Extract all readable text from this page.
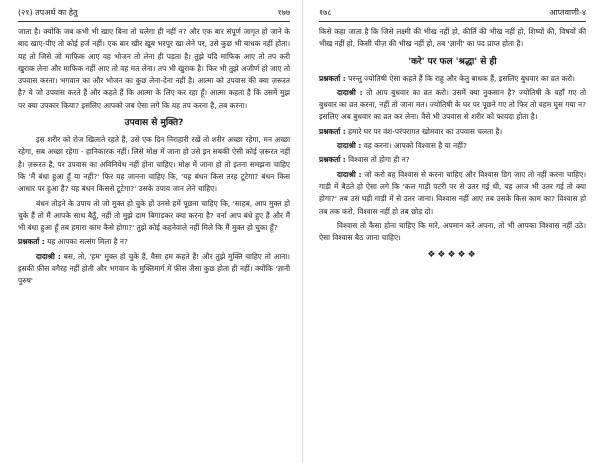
(२१) तपअर्थ का हेतु	१७७

जाता है। क्योंकि जब कभी भी खाए बिना तो चलेगा ही नहीं न? और एक बार संपूर्ण जागृत हो जाने के बाद खाए-पीए तो कोई हर्ज नहीं। एक बार खीर खूब भरपूर खा लेने पर, उसे कुछ भी बाधक नहीं होता। यह तो जिसे जो माफिक आए वह भोजन तो लेना ही पड़ता है। तुझे यदि माफिक आए तो तप करी खुराक लेना और माफिक नहीं आए तो वह मत लेना। तप भी खुराक है। फिर भी तुझे अजीर्ण हो जाए तो उपवास करना। भगवान का और भोजन का कुछ लेना-देना नहीं है। आत्मा को उपवास की क्या ज़रूरत है? ये जो उपवास करते हैं और कहते हैं कि आत्मा के लिए कर रहा हूँ। आत्मा कहता है कि उसमें मुझ पर क्या उपकार किया? इसलिए आपको जब ऐसा लगे कि यह तप करना है, तब करना।

उपवास से मुक्ति?

इस शरीर को रोज खिलाते रहते हैं, उसे एक दिन निराहारी रखें तो शरीर अच्छा रहेगा, मन अच्छा रहेगा, सब अच्छा रहेगा - हानिकारक नहीं। लिसे मोक्ष में जाना हो उसे इन सबकी ऐसी कोई ज़रूरत नहीं है। ज़रूरत है, पर उपवास का अविनियेथ नहीं होना चाहिए। मोक्ष में जाना हो तो इतना समझना चाहिए कि 'मैं बंधा हुआ हूँ या नहीं?' फिर यह जानना चाहिए कि, 'यह बंधन किस तरह टूटेगा? बंधन किस आधार पर हुआ है? यह बंधन किससे टूटेगा?' उसके उपाय जान लेने चाहिए।

बंधन तोड़ने के उपाय तो जो मुक्त हो चुके हों उनसे हमें पूछना चाहिए कि, 'साहब, आप मुक्त हो चुके हैं तो मैं आपके साथ बैठूँ, नहीं तो मुझे दाम बिगाड़कर क्या करना है? वर्ना आप बंधे हुए हैं और मैं भी बंधा हुआ हूँ तब हमारा काम कैसे होगा?' तुझे कोई कहनेवाले नहीं मिले कि मैं मुक्त हो चुका हूँ?

प्रश्नकर्ता : यह आपका सत्संग मिला है न?

दादाश्री : बस, तो, 'हम' मुक्त हो चुके हैं, वैसा हम कहते हैं! और तुझे मुक्ति चाहिए तो आना। इसकी फ़ीस वगैरह नहीं होती और भगवान के मुक्तिमार्ग में फ़ीस जैसा कुछ होता ही नहीं। क्योंकि 'ज्ञानी पुरुष'

१७८	आप्तवाणी-४

किसे कहा जाता है कि जिसे लक्ष्मी की भीख नहीं हो, कीर्ति की भीख नहीं हो, शिष्यों की, विषयों की भीख नहीं हो, किसी चीज़ की भीख नहीं हो, तब 'ज्ञानी' का पद प्राप्त होता है।

'करे' पर फल 'श्रद्धा' से ही

प्रश्नकर्ता : परन्तु ज्योतिषी ऐसा कहते हैं कि राहु और केतु बाधक हैं, इसलिए बुधवार का व्रत करो।

दादाश्री : तो आप बुधवार का व्रत करो। उसमें क्या नुकसान है? ज्योतिषी के यहाँ गए तो बुधवार का व्रत करना, नहीं तो जाना मत। ज्योतिषी के घर पर पूछने गए तो फिर तो वहम घुस गया न? इसलिए अब बुधवार का व्रत कर लेना। वैसे भी उपवास से शरीर को फायदा होता है।

प्रश्नकर्ता : हमारे घर पर वंश-परंपरागत खोमवार का उपवास चलता है।

दादाश्री : वह करना। आपको विश्वास है या नहीं?

प्रश्नकर्ता : विश्वास तो होगा ही न?

दादाश्री : जो करो वह विश्वास से करना चाहिए और विश्वास डिग जाए तो नहीं करना चाहिए। गाड़ी में बैठते हो ऐसा लगे कि 'कल गाड़ी पटरी पर से उतर गई थी, यह आज भी उतर गई तो क्या होगा?' तब उस घड़ी गाड़ी में से उतर जाना। विश्वास नहीं आए तब उसके किस काम का? विश्वास हो तब तक करो, विश्वास नहीं हो तब छोड़ दो।

विश्वास तो कैसा होना चाहिए कि मारे, अपमान करे अपना, तो भी आपका विश्वास नहीं उठे। ऐसा विश्वास बैठ जाना चाहिए।

❖❖❖❖❖
